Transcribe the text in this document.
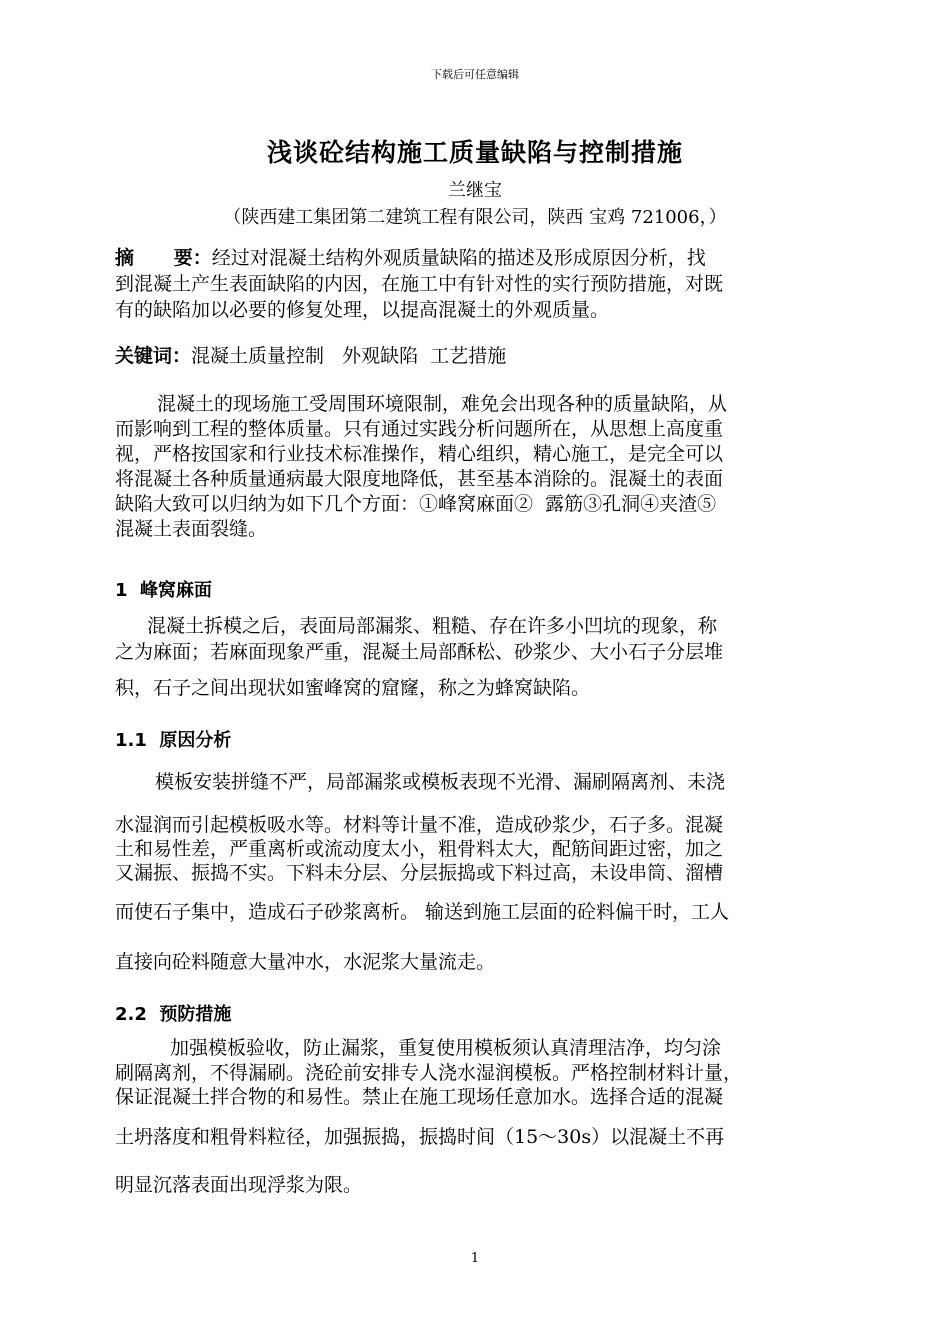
下载后可任意编辑
浅谈砼结构施工质量缺陷与控制措施
兰继宝
（陕西建工集团第二建筑工程有限公司，陕西 宝鸡 721006，）
摘      要：经过对混凝土结构外观质量缺陷的描述及形成原因分析，找
到混凝土产生表面缺陷的内因，在施工中有针对性的实行预防措施，对既
有的缺陷加以必要的修复处理，以提高混凝土的外观质量。
关键词：混凝土质量控制   外观缺陷  工艺措施
混凝土的现场施工受周围环境限制，难免会出现各种的质量缺陷，从
而影响到工程的整体质量。只有通过实践分析问题所在，从思想上高度重
视，严格按国家和行业技术标准操作，精心组织，精心施工，是完全可以
将混凝土各种质量通病最大限度地降低，甚至基本消除的。混凝土的表面
缺陷大致可以归纳为如下几个方面：①峰窝麻面②  露筋③孔洞④夹渣⑤
混凝土表面裂缝。
1  峰窝麻面
混凝土拆模之后，表面局部漏浆、粗糙、存在许多小凹坑的现象，称
之为麻面；若麻面现象严重，混凝土局部酥松、砂浆少、大小石子分层堆
积，石子之间出现状如蜜峰窝的窟窿，称之为蜂窝缺陷。
1.1  原因分析
模板安装拼缝不严，局部漏浆或模板表现不光滑、漏刷隔离剂、未浇
水湿润而引起模板吸水等。材料等计量不准，造成砂浆少，石子多。混凝
土和易性差，严重离析或流动度太小，粗骨料太大，配筋间距过密，加之
又漏振、振捣不实。下料未分层、分层振捣或下料过高，未设串筒、溜槽
而使石子集中，造成石子砂浆离析。 输送到施工层面的砼料偏干时，工人
直接向砼料随意大量冲水，水泥浆大量流走。
2.2  预防措施
加强模板验收，防止漏浆，重复使用模板须认真清理洁净，均匀涂
刷隔离剂，不得漏刷。浇砼前安排专人浇水湿润模板。严格控制材料计量，
保证混凝土拌合物的和易性。禁止在施工现场任意加水。选择合适的混凝
土坍落度和粗骨料粒径，加强振捣，振捣时间（15～30s）以混凝土不再
明显沉落表面出现浮浆为限。
1
